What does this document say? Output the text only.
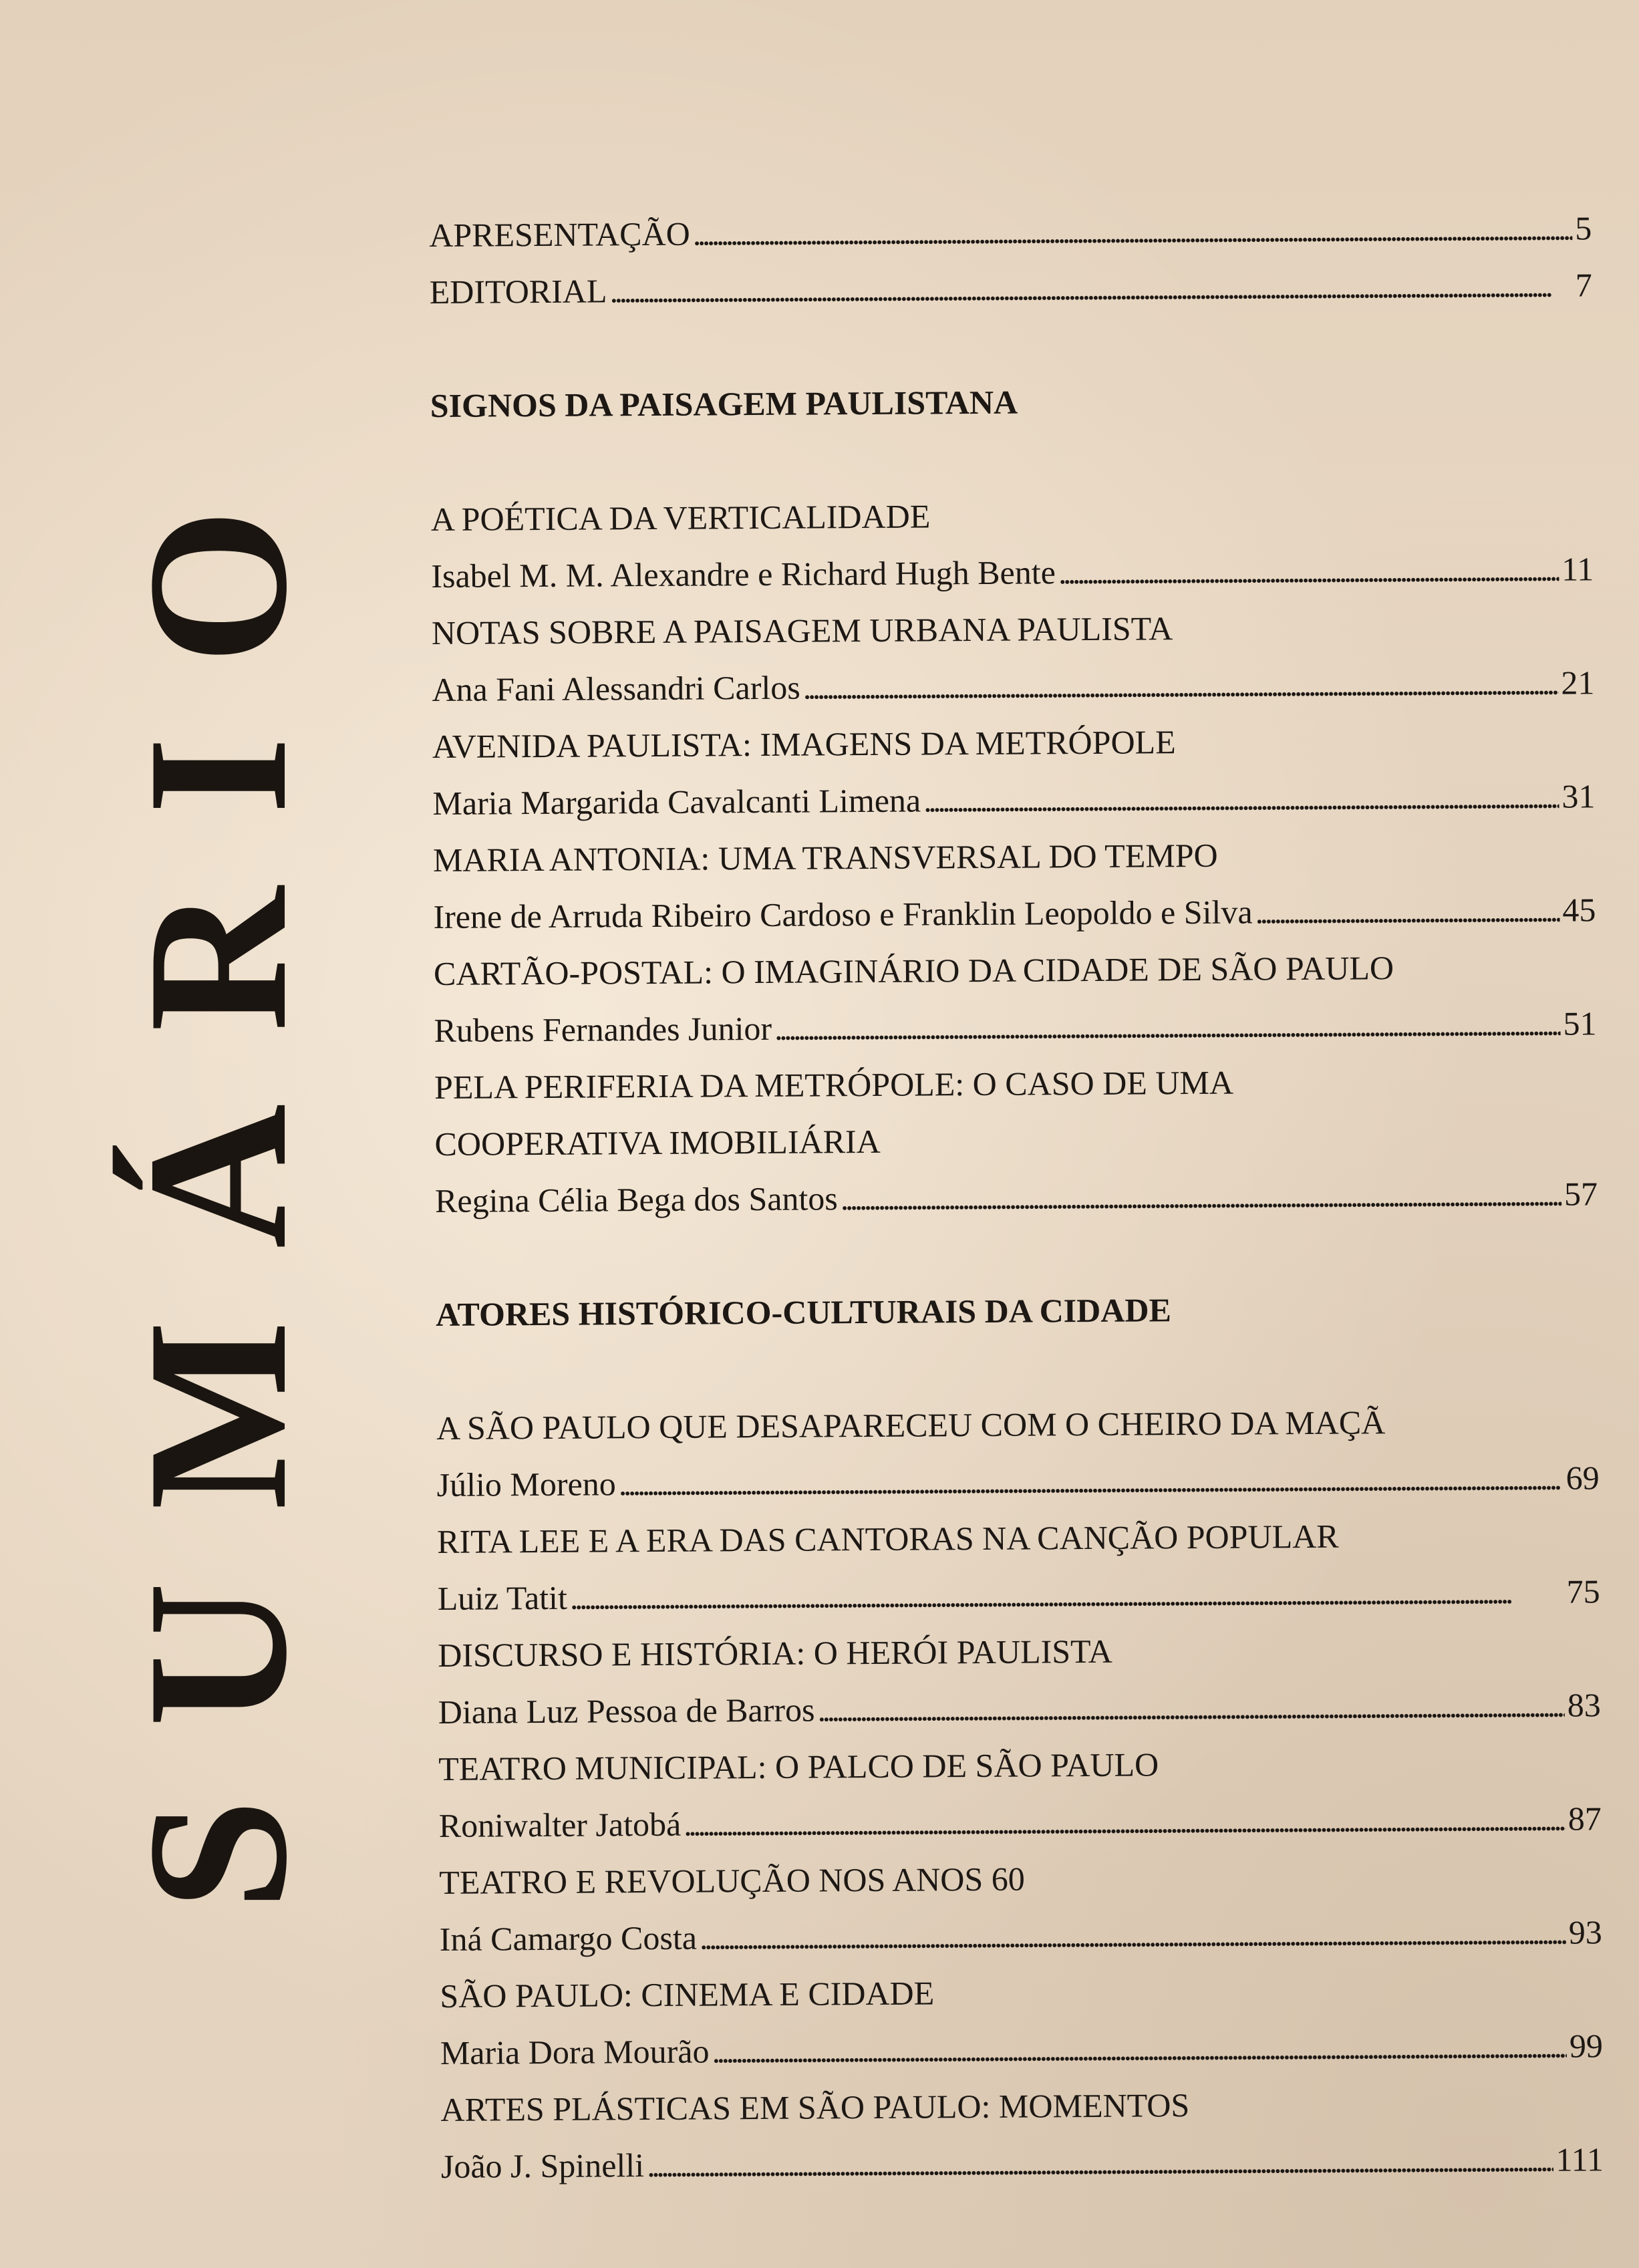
SUMÁRIO
APRESENTAÇÃO . . .	5
EDITORIAL . . .	7
SIGNOS DA PAISAGEM PAULISTANA
A POÉTICA DA VERTICALIDADE
Isabel M. M. Alexandre e Richard Hugh Bente . . .	11
NOTAS SOBRE A PAISAGEM URBANA PAULISTA
Ana Fani Alessandri Carlos . . .	21
AVENIDA PAULISTA: IMAGENS DA METRÓPOLE
Maria Margarida Cavalcanti Limena . . .	31
MARIA ANTONIA: UMA TRANSVERSAL DO TEMPO
Irene de Arruda Ribeiro Cardoso e Franklin Leopoldo e Silva . . .	45
CARTÃO-POSTAL: O IMAGINÁRIO DA CIDADE DE SÃO PAULO
Rubens Fernandes Junior . . .	51
PELA PERIFERIA DA METRÓPOLE: O CASO DE UMA
COOPERATIVA IMOBILIÁRIA
Regina Célia Bega dos Santos . . .	57
ATORES HISTÓRICO-CULTURAIS DA CIDADE
A SÃO PAULO QUE DESAPARECEU COM O CHEIRO DA MAÇÃ
Júlio Moreno . . .	69
RITA LEE E A ERA DAS CANTORAS NA CANÇÃO POPULAR
Luiz Tatit . . .	75
DISCURSO E HISTÓRIA: O HERÓI PAULISTA
Diana Luz Pessoa de Barros . . .	83
TEATRO MUNICIPAL: O PALCO DE SÃO PAULO
Roniwalter Jatobá . . .	87
TEATRO E REVOLUÇÃO NOS ANOS 60
Iná Camargo Costa . . .	93
SÃO PAULO: CINEMA E CIDADE
Maria Dora Mourão . . .	99
ARTES PLÁSTICAS EM SÃO PAULO: MOMENTOS
João J. Spinelli . . .	111
